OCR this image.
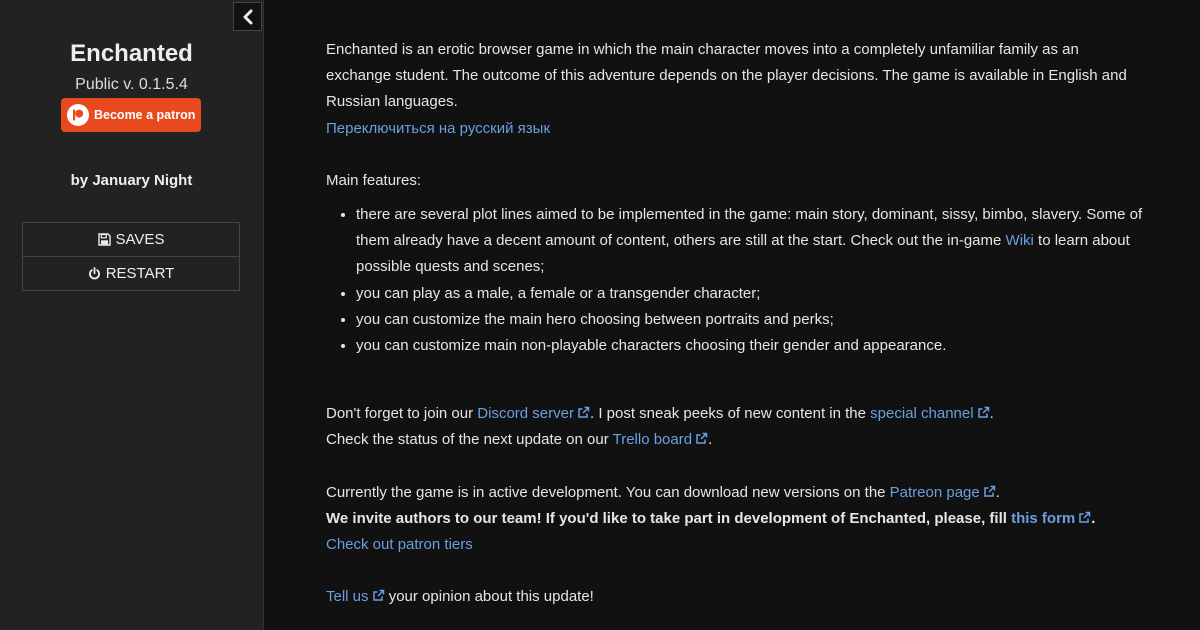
Enchanted
Public v. 0.1.5.4
Become a patron
by January Night
SAVES
RESTART

Enchanted is an erotic browser game in which the main character moves into a completely unfamiliar family as an exchange student. The outcome of this adventure depends on the player decisions. The game is available in English and Russian languages.

Переключиться на русский язык

Main features:

• there are several plot lines aimed to be implemented in the game: main story, dominant, sissy, bimbo, slavery. Some of them already have a decent amount of content, others are still at the start. Check out the in-game Wiki to learn about possible quests and scenes;
• you can play as a male, a female or a transgender character;
• you can customize the main hero choosing between portraits and perks;
• you can customize main non-playable characters choosing their gender and appearance.

Don't forget to join our Discord server . I post sneak peeks of new content in the special channel .

Check the status of the next update on our Trello board .

Currently the game is in active development. You can download new versions on the Patreon page .

We invite authors to our team! If you'd like to take part in development of Enchanted, please, fill this form .

Check out patron tiers

Tell us your opinion about this update!
